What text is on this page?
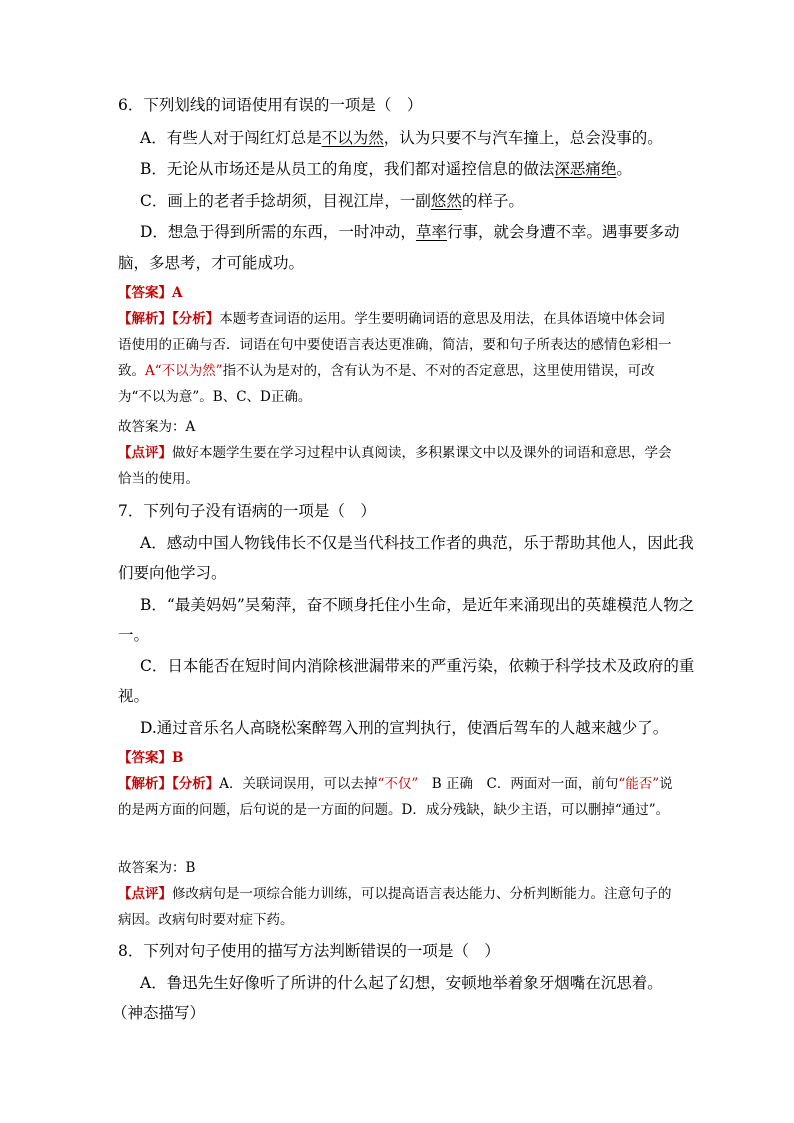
6．下列划线的词语使用有误的一项是（　）

A．有些人对于闯红灯总是不以为然，认为只要不与汽车撞上，总会没事的。

B．无论从市场还是从员工的角度，我们都对遥控信息的做法深恶痛绝。

C．画上的老者手捻胡须，目视江岸，一副悠然的样子。

D．想急于得到所需的东西，一时冲动，草率行事，就会身遭不幸。遇事要多动脑，多思考，才可能成功。

【答案】A

【解析】【分析】本题考查词语的运用。学生要明确词语的意思及用法，在具体语境中体会词语使用的正确与否．词语在句中要使语言表达更准确，简洁，要和句子所表达的感情色彩相一致。A“不以为然”指不认为是对的，含有认为不是、不对的否定意思，这里使用错误，可改为“不以为意”。B、C、D正确。

故答案为：A

【点评】做好本题学生要在学习过程中认真阅读，多积累课文中以及课外的词语和意思，学会恰当的使用。

7．下列句子没有语病的一项是（　）

A．感动中国人物钱伟长不仅是当代科技工作者的典范，乐于帮助其他人，因此我们要向他学习。

B．“最美妈妈”吴菊萍，奋不顾身托住小生命，是近年来涌现出的英雄模范人物之一。

C．日本能否在短时间内消除核泄漏带来的严重污染，依赖于科学技术及政府的重视。

D.通过音乐名人高晓松案醉驾入刑的宣判执行，使酒后驾车的人越来越少了。

【答案】B

【解析】【分析】A．关联词误用，可以去掉“不仅”　B 正确　C．两面对一面，前句“能否”说的是两方面的问题，后句说的是一方面的问题。D．成分残缺，缺少主语，可以删掉“通过”。

故答案为：B

【点评】修改病句是一项综合能力训练，可以提高语言表达能力、分析判断能力。注意句子的病因。改病句时要对症下药。

8．下列对句子使用的描写方法判断错误的一项是（　）

A．鲁迅先生好像听了所讲的什么起了幻想，安顿地举着象牙烟嘴在沉思着。

（神态描写）
